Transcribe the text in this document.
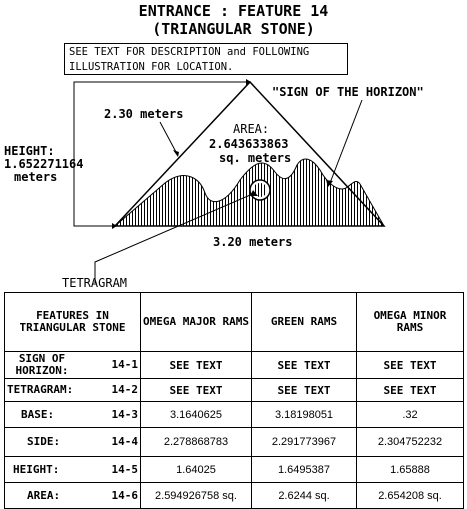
ENTRANCE : FEATURE 14
(TRIANGULAR STONE)
SEE TEXT FOR DESCRIPTION and FOLLOWING
ILLUSTRATION FOR LOCATION.
2.30 meters
HEIGHT:
1.652271164
meters
AREA:
2.643633863
sq. meters
"SIGN OF THE HORIZON"
3.20 meters
TETRAGRAM
FEATURES IN TRIANGULAR STONE	OMEGA MAJOR RAMS	GREEN RAMS	OMEGA MINOR RAMS

SIGN OF HORIZON: 14-1	SEE TEXT	SEE TEXT	SEE TEXT

TETRAGRAM: 14-2	SEE TEXT	SEE TEXT	SEE TEXT

BASE: 14-3	3.1640625	3.18198051	.32

SIDE: 14-4	2.278868783	2.291773967	2.304752232

HEIGHT: 14-5	1.64025	1.6495387	1.65888

AREA: 14-6	2.594926758 sq.	2.6244 sq.	2.654208 sq.
